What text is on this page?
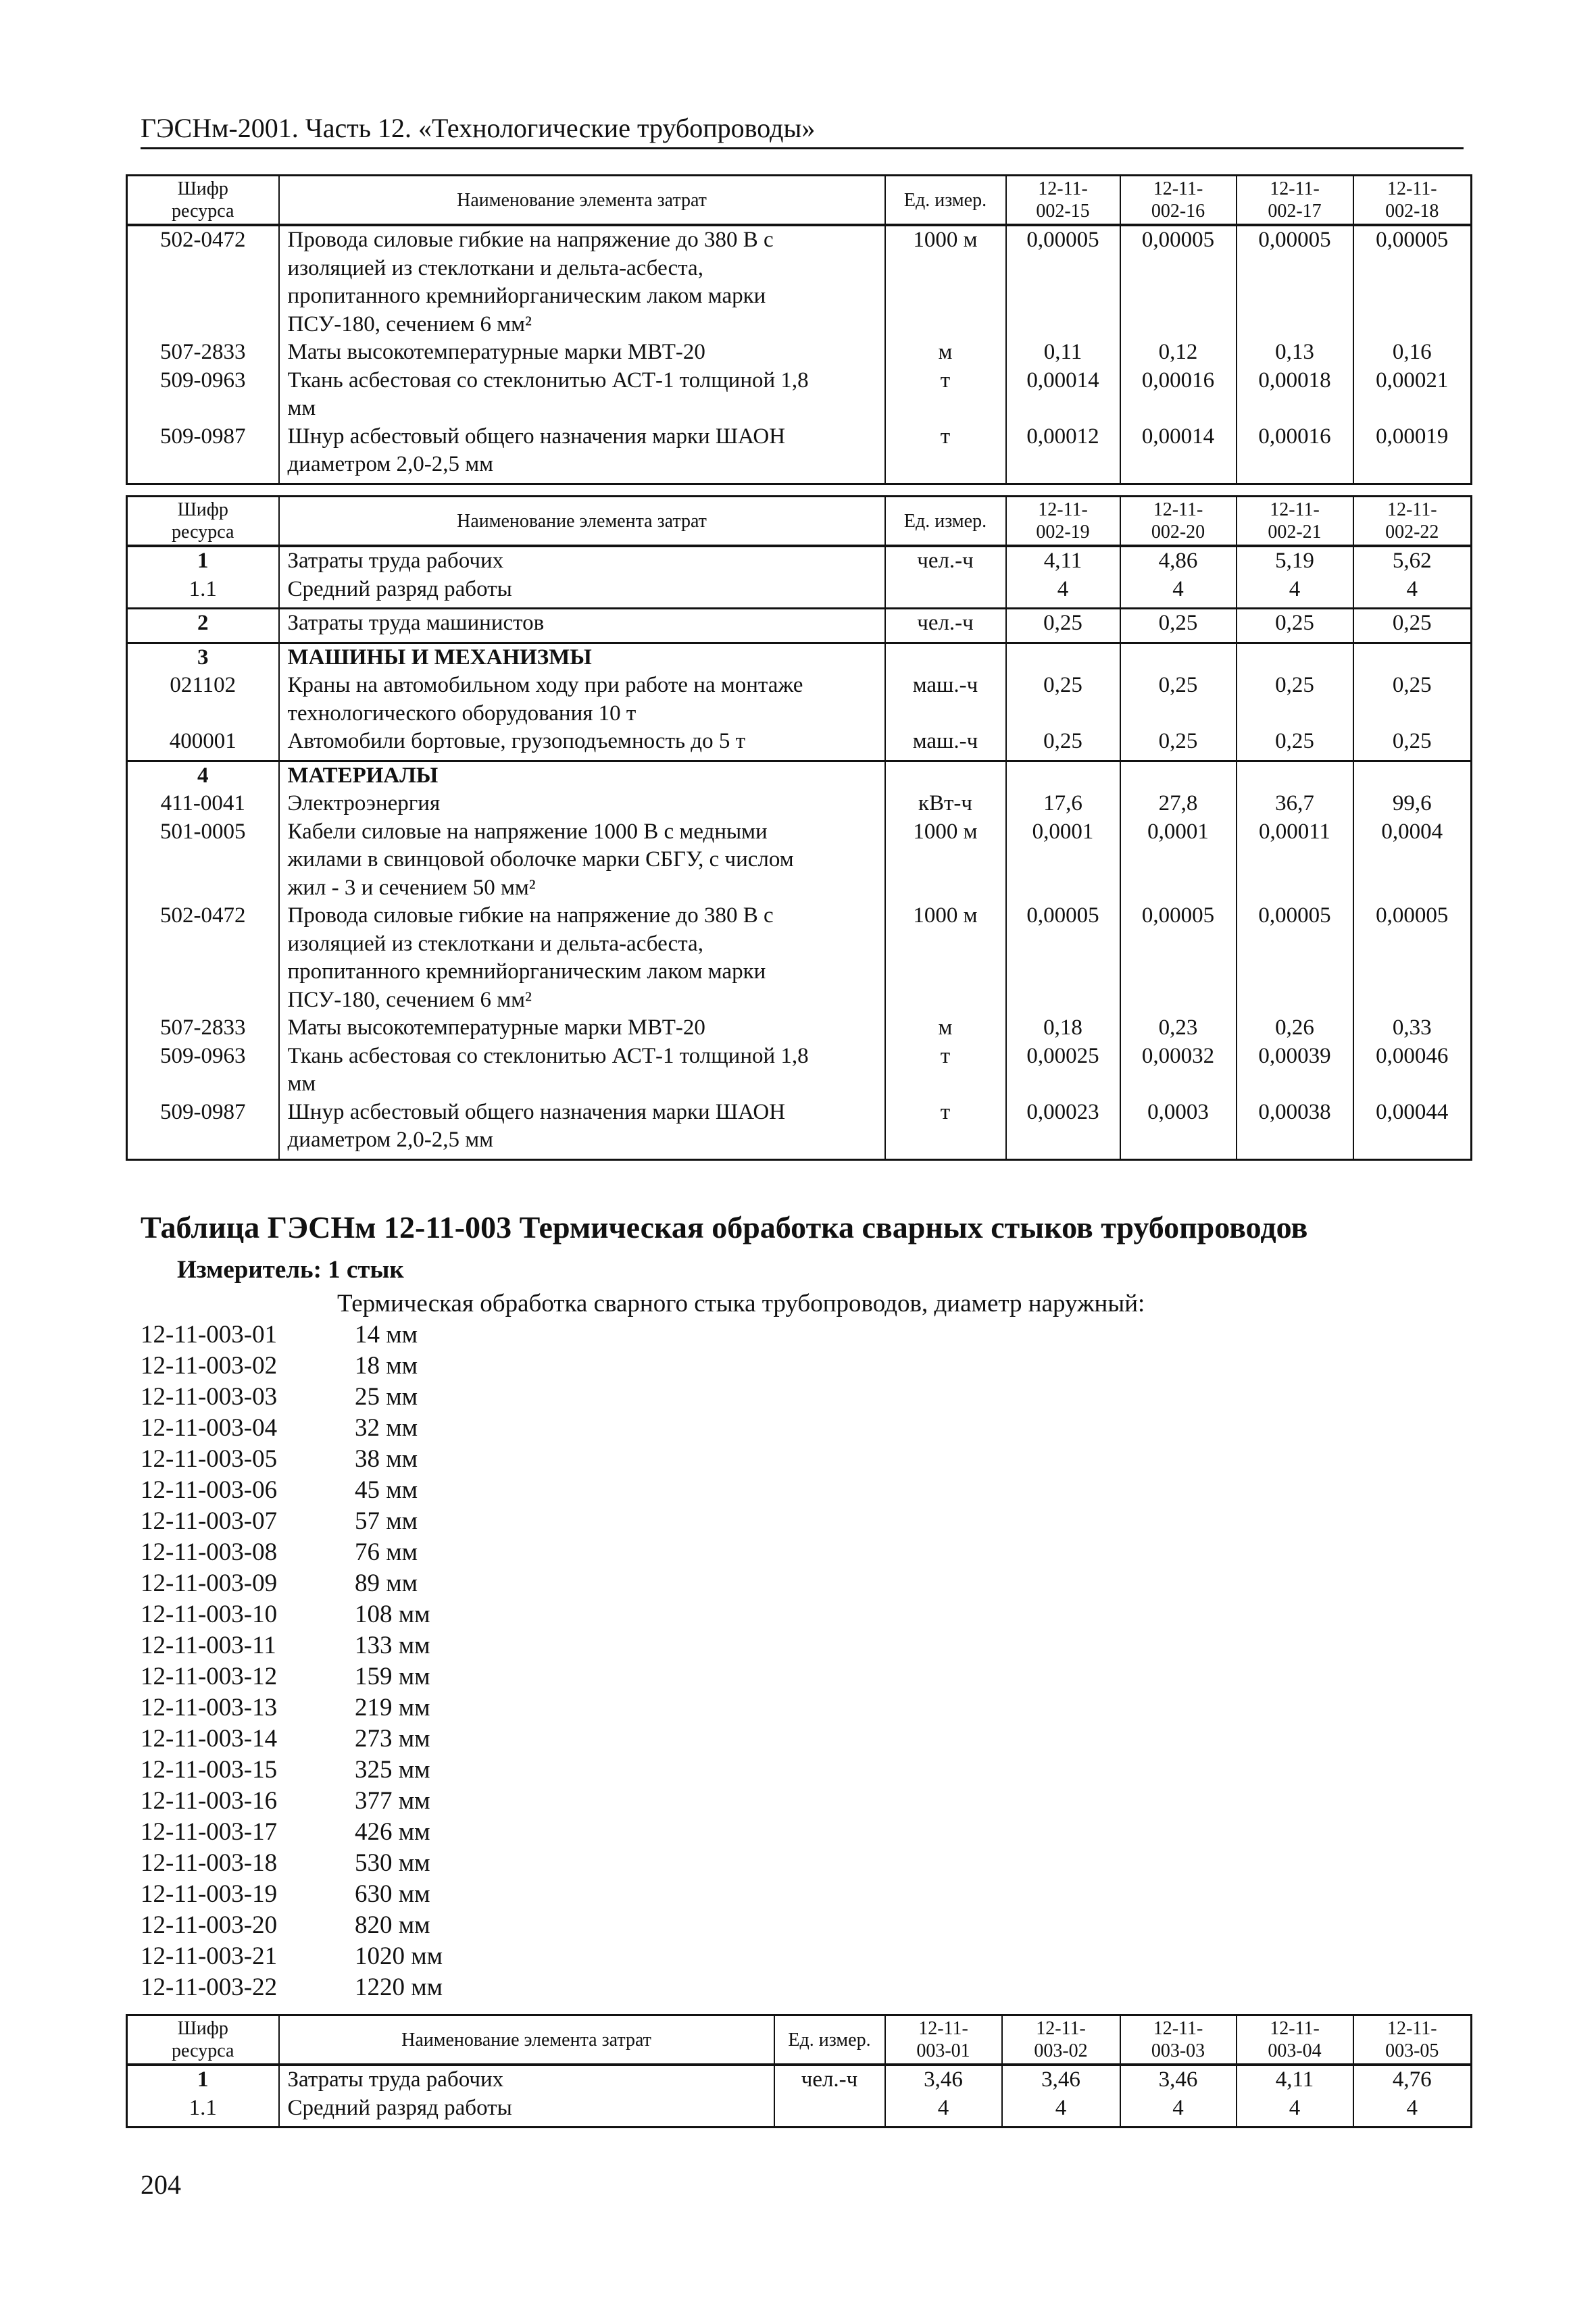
ГЭСНм-2001. Часть 12. «Технологические трубопроводы»
Шифр
ресурса	Наименование элемента затрат	Ед. измер.	12-11-
002-15	12-11-
002-16	12-11-
002-17	12-11-
002-18
502-0472	Провода силовые гибкие на напряжение до 380 В с
изоляцией из стеклоткани и дельта-асбеста,
пропитанного кремнийорганическим лаком марки
ПСУ-180, сечением 6 мм²	1000 м	0,00005	0,00005	0,00005	0,00005
507-2833	Маты высокотемпературные марки МВТ-20	м	0,11	0,12	0,13	0,16
509-0963	Ткань асбестовая со стеклонитью АСТ-1 толщиной 1,8
мм	т	0,00014	0,00016	0,00018	0,00021
509-0987	Шнур асбестовый общего назначения марки ШАОН
диаметром 2,0-2,5 мм	т	0,00012	0,00014	0,00016	0,00019
Шифр
ресурса	Наименование элемента затрат	Ед. измер.	12-11-
002-19	12-11-
002-20	12-11-
002-21	12-11-
002-22
1	Затраты труда рабочих	чел.-ч	4,11	4,86	5,19	5,62
1.1	Средний разряд работы		4	4	4	4
2	Затраты труда машинистов	чел.-ч	0,25	0,25	0,25	0,25
3	МАШИНЫ И МЕХАНИЗМЫ					
021102	Краны на автомобильном ходу при работе на монтаже
технологического оборудования 10 т	маш.-ч	0,25	0,25	0,25	0,25
400001	Автомобили бортовые, грузоподъемность до 5 т	маш.-ч	0,25	0,25	0,25	0,25
4	МАТЕРИАЛЫ					
411-0041	Электроэнергия	кВт-ч	17,6	27,8	36,7	99,6
501-0005	Кабели силовые на напряжение 1000 В с медными
жилами в свинцовой оболочке марки СБГУ, с числом
жил - 3 и сечением 50 мм²	1000 м	0,0001	0,0001	0,00011	0,0004
502-0472	Провода силовые гибкие на напряжение до 380 В с
изоляцией из стеклоткани и дельта-асбеста,
пропитанного кремнийорганическим лаком марки
ПСУ-180, сечением 6 мм²	1000 м	0,00005	0,00005	0,00005	0,00005
507-2833	Маты высокотемпературные марки МВТ-20	м	0,18	0,23	0,26	0,33
509-0963	Ткань асбестовая со стеклонитью АСТ-1 толщиной 1,8
мм	т	0,00025	0,00032	0,00039	0,00046
509-0987	Шнур асбестовый общего назначения марки ШАОН
диаметром 2,0-2,5 мм	т	0,00023	0,0003	0,00038	0,00044
Таблица ГЭСНм 12-11-003 Термическая обработка сварных стыков трубопроводов
Измеритель: 1 стык
Термическая обработка сварного стыка трубопроводов, диаметр наружный:
12-11-003-01	14 мм
12-11-003-02	18 мм
12-11-003-03	25 мм
12-11-003-04	32 мм
12-11-003-05	38 мм
12-11-003-06	45 мм
12-11-003-07	57 мм
12-11-003-08	76 мм
12-11-003-09	89 мм
12-11-003-10	108 мм
12-11-003-11	133 мм
12-11-003-12	159 мм
12-11-003-13	219 мм
12-11-003-14	273 мм
12-11-003-15	325 мм
12-11-003-16	377 мм
12-11-003-17	426 мм
12-11-003-18	530 мм
12-11-003-19	630 мм
12-11-003-20	820 мм
12-11-003-21	1020 мм
12-11-003-22	1220 мм
Шифр
ресурса	Наименование элемента затрат	Ед. измер.	12-11-
003-01	12-11-
003-02	12-11-
003-03	12-11-
003-04	12-11-
003-05
1	Затраты труда рабочих	чел.-ч	3,46	3,46	3,46	4,11	4,76
1.1	Средний разряд работы		4	4	4	4	4
204
